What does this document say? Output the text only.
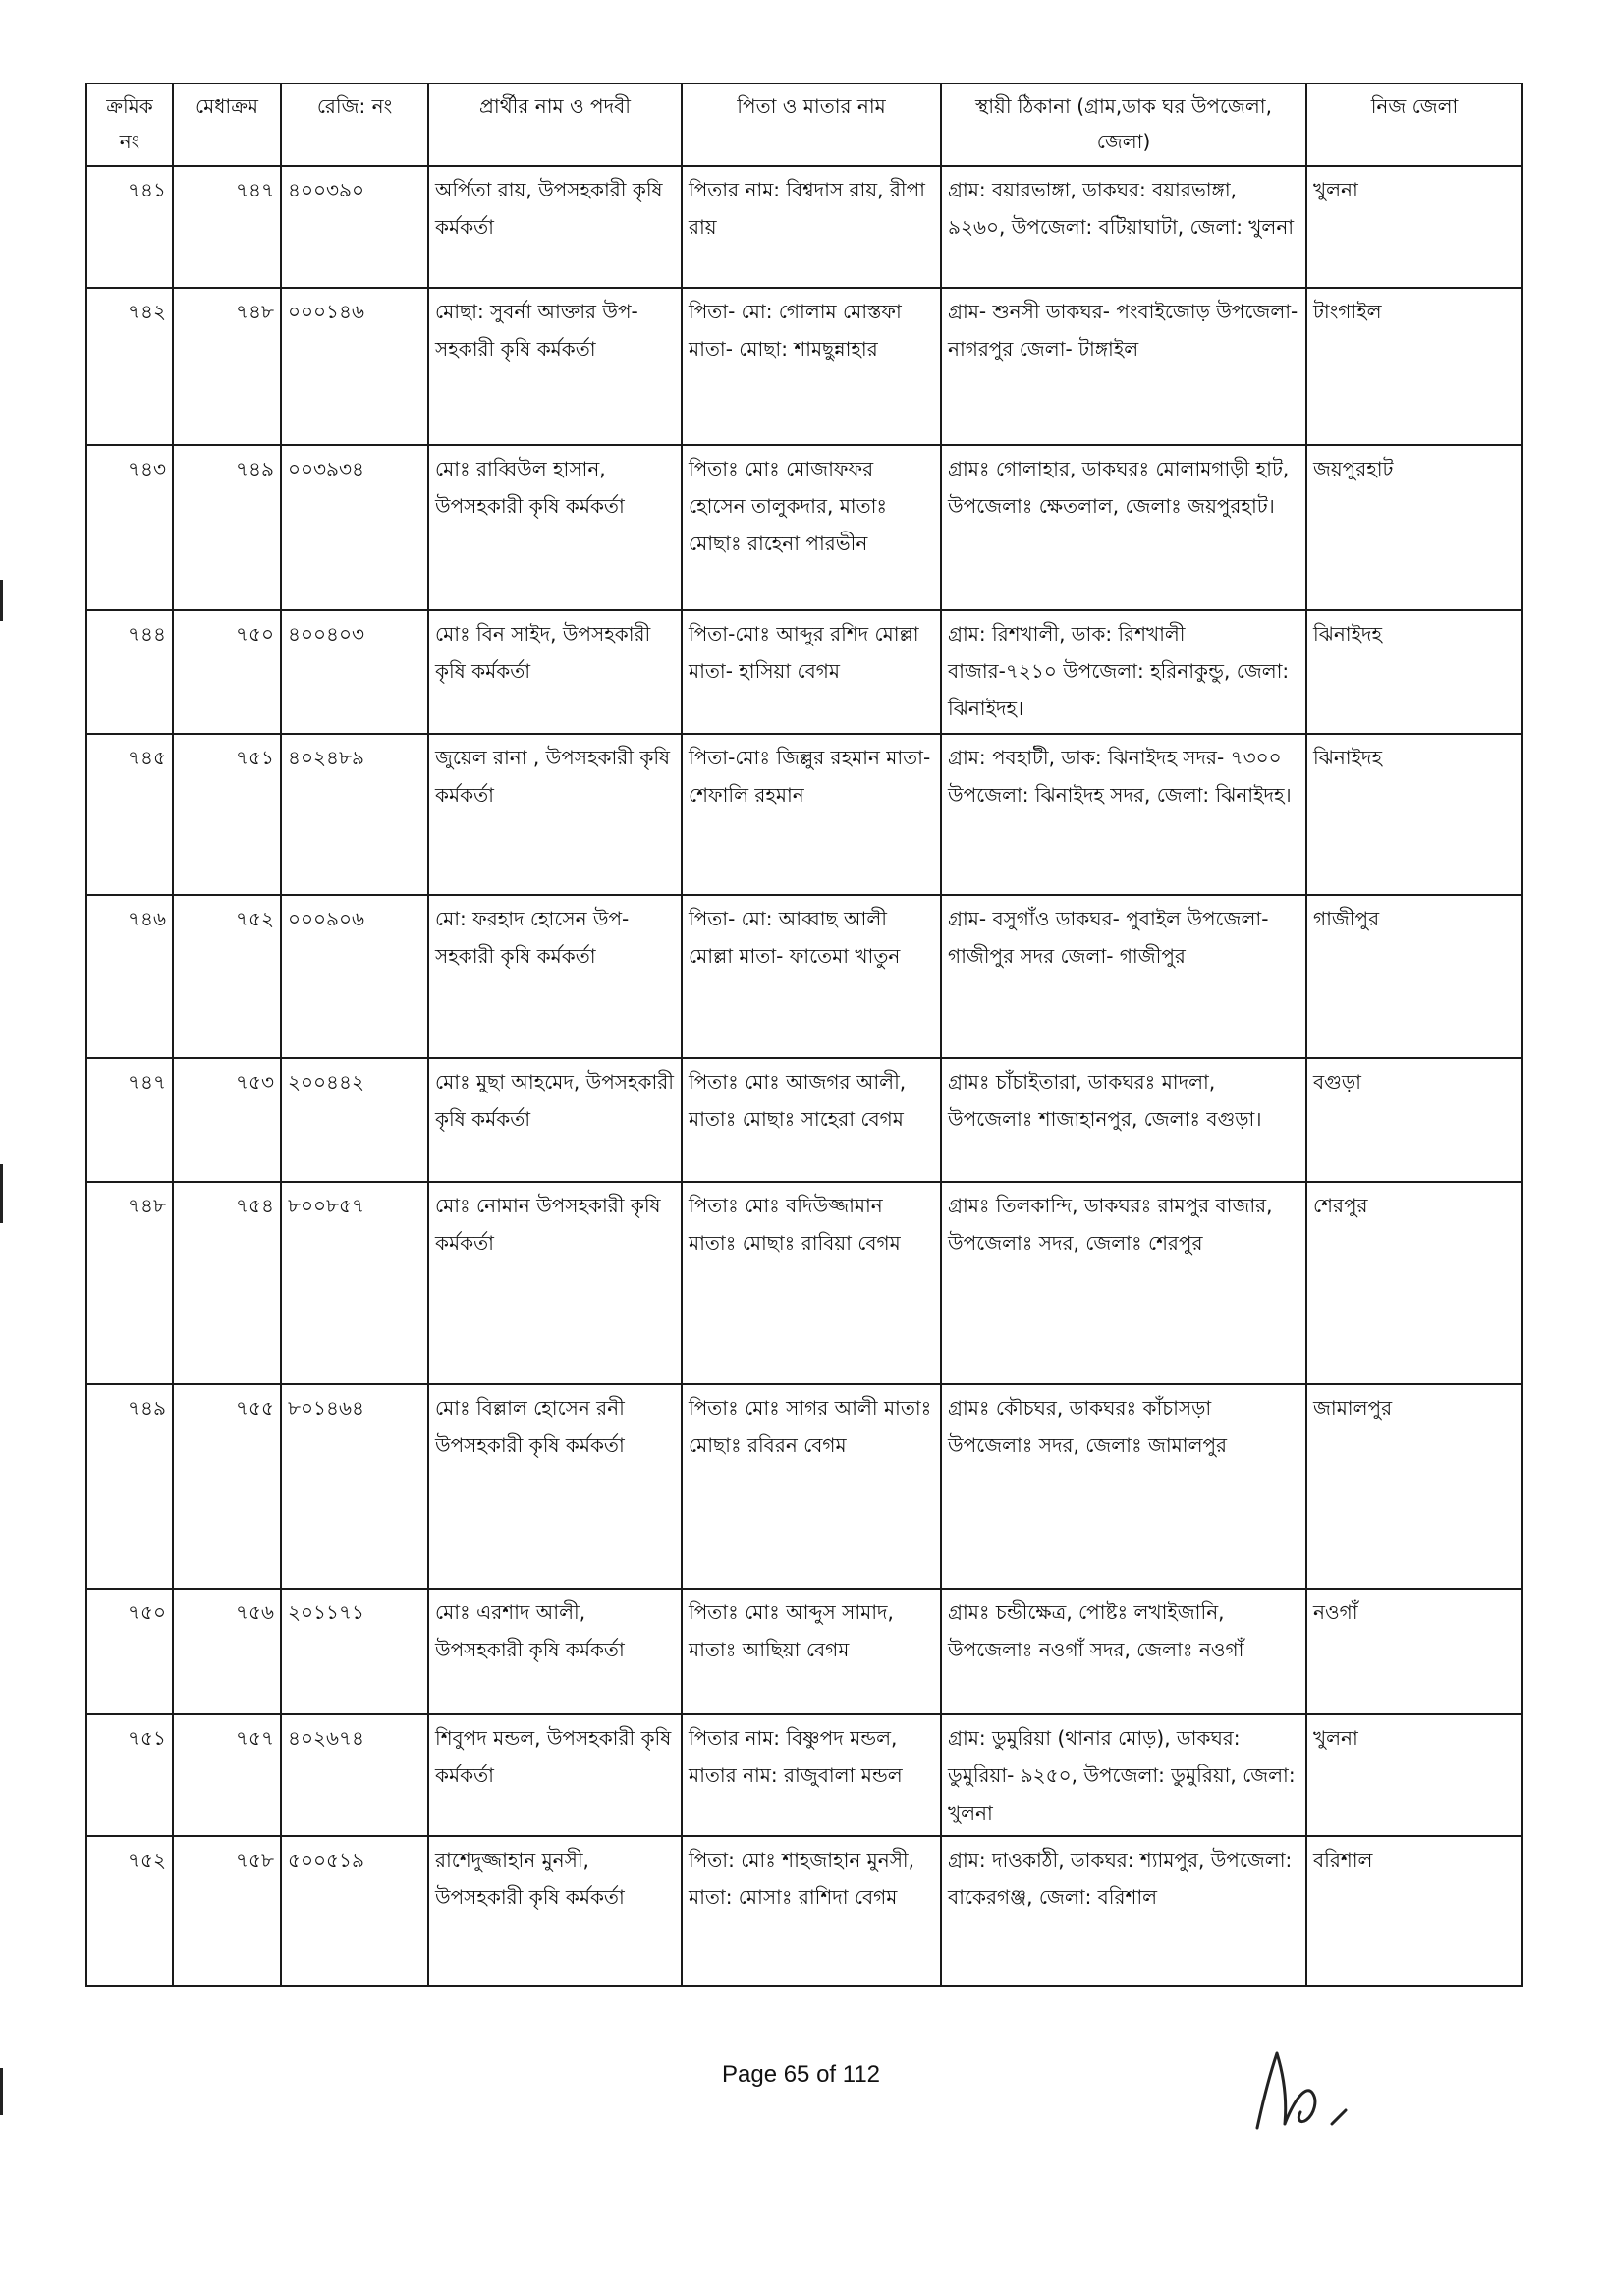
ক্রমিক নং	মেধাক্রম	রেজি: নং	প্রার্থীর নাম ও পদবী	পিতা ও মাতার নাম	স্থায়ী ঠিকানা (গ্রাম,ডাক ঘর উপজেলা, জেলা)	নিজ জেলা
৭৪১	৭৪৭	৪০০৩৯০	অর্পিতা রায়, উপসহকারী কৃষি কর্মকর্তা	পিতার নাম: বিশ্বদাস রায়, রীপা রায়	গ্রাম: বয়ারভাঙ্গা, ডাকঘর: বয়ারভাঙ্গা, ৯২৬০, উপজেলা: বটিয়াঘাটা, জেলা: খুলনা	খুলনা
৭৪২	৭৪৮	০০০১৪৬	মোছা: সুবর্না আক্তার উপ-সহকারী কৃষি কর্মকর্তা	পিতা- মো: গোলাম মোস্তফা মাতা- মোছা: শামছুন্নাহার	গ্রাম- শুনসী ডাকঘর- পংবাইজোড় উপজেলা- নাগরপুর জেলা- টাঙ্গাইল	টাংগাইল
৭৪৩	৭৪৯	০০৩৯৩৪	মোঃ রাব্বিউল হাসান, উপসহকারী কৃষি কর্মকর্তা	পিতাঃ মোঃ মোজাফফর হোসেন তালুকদার, মাতাঃ মোছাঃ রাহেনা পারভীন	গ্রামঃ গোলাহার, ডাকঘরঃ মোলামগাড়ী হাট, উপজেলাঃ ক্ষেতলাল, জেলাঃ জয়পুরহাট।	জয়পুরহাট
৭৪৪	৭৫০	৪০০৪০৩	মোঃ বিন সাইদ, উপসহকারী কৃষি কর্মকর্তা	পিতা-মোঃ আব্দুর রশিদ মোল্লা মাতা- হাসিয়া বেগম	গ্রাম: রিশখালী, ডাক: রিশখালী বাজার-৭২১০ উপজেলা: হরিনাকুন্ডু, জেলা: ঝিনাইদহ।	ঝিনাইদহ
৭৪৫	৭৫১	৪০২৪৮৯	জুয়েল রানা , উপসহকারী কৃষি কর্মকর্তা	পিতা-মোঃ জিল্লুর রহমান মাতা-শেফালি রহমান	গ্রাম: পবহাটী, ডাক: ঝিনাইদহ সদর- ৭৩০০ উপজেলা: ঝিনাইদহ সদর, জেলা: ঝিনাইদহ।	ঝিনাইদহ
৭৪৬	৭৫২	০০০৯০৬	মো: ফরহাদ হোসেন উপ-সহকারী কৃষি কর্মকর্তা	পিতা- মো: আব্বাছ আলী মোল্লা মাতা- ফাতেমা খাতুন	গ্রাম- বসুগাঁও ডাকঘর- পুবাইল উপজেলা- গাজীপুর সদর জেলা- গাজীপুর	গাজীপুর
৭৪৭	৭৫৩	২০০৪৪২	মোঃ মুছা আহমেদ, উপসহকারী কৃষি কর্মকর্তা	পিতাঃ মোঃ আজগর আলী, মাতাঃ মোছাঃ সাহেরা বেগম	গ্রামঃ চাঁচাইতারা, ডাকঘরঃ মাদলা, উপজেলাঃ শাজাহানপুর, জেলাঃ বগুড়া।	বগুড়া
৭৪৮	৭৫৪	৮০০৮৫৭	মোঃ নোমান উপসহকারী কৃষি কর্মকর্তা	পিতাঃ মোঃ বদিউজ্জামান মাতাঃ মোছাঃ রাবিয়া বেগম	গ্রামঃ তিলকান্দি, ডাকঘরঃ রামপুর বাজার, উপজেলাঃ সদর, জেলাঃ শেরপুর	শেরপুর
৭৪৯	৭৫৫	৮০১৪৬৪	মোঃ বিল্লাল হোসেন রনী উপসহকারী কৃষি কর্মকর্তা	পিতাঃ মোঃ সাগর আলী মাতাঃ মোছাঃ রবিরন বেগম	গ্রামঃ কৌচঘর, ডাকঘরঃ কাঁচাসড়া উপজেলাঃ সদর, জেলাঃ জামালপুর	জামালপুর
৭৫০	৭৫৬	২০১১৭১	মোঃ এরশাদ আলী, উপসহকারী কৃষি কর্মকর্তা	পিতাঃ মোঃ আব্দুস সামাদ, মাতাঃ আছিয়া বেগম	গ্রামঃ চন্ডীক্ষেত্র, পোষ্টঃ লখাইজানি, উপজেলাঃ নওগাঁ সদর, জেলাঃ নওগাঁ	নওগাঁ
৭৫১	৭৫৭	৪০২৬৭৪	শিবুপদ মন্ডল, উপসহকারী কৃষি কর্মকর্তা	পিতার নাম: বিষ্ণুপদ মন্ডল, মাতার নাম: রাজুবালা মন্ডল	গ্রাম: ডুমুরিয়া (থানার মোড়), ডাকঘর: ডুমুরিয়া- ৯২৫০, উপজেলা: ডুমুরিয়া, জেলা: খুলনা	খুলনা
৭৫২	৭৫৮	৫০০৫১৯	রাশেদুজ্জাহান মুনসী, উপসহকারী কৃষি কর্মকর্তা	পিতা: মোঃ শাহজাহান মুনসী, মাতা: মোসাঃ রাশিদা বেগম	গ্রাম: দাওকাঠী, ডাকঘর: শ্যামপুর, উপজেলা: বাকেরগঞ্জ, জেলা: বরিশাল	বরিশাল
Page 65 of 112
